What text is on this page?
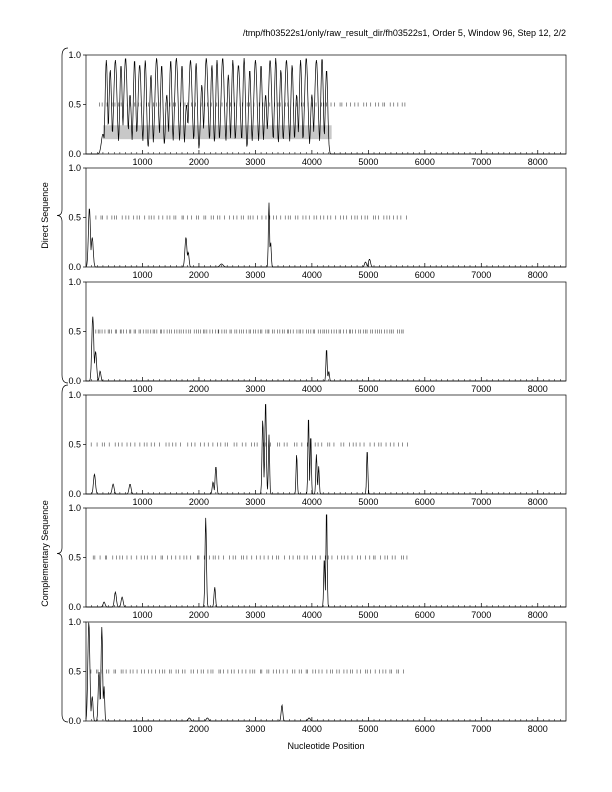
/tmp/fh03522s1/only/raw_result_dir/fh03522s1, Order 5, Window 96, Step 12, 2/2
0.0
0.5
1.0
1000	2000	3000	4000	5000	6000	7000	8000
0.0
0.5
1.0
1000	2000	3000	4000	5000	6000	7000	8000
0.0
0.5
1.0
1000	2000	3000	4000	5000	6000	7000	8000
0.0
0.5
1.0
1000	2000	3000	4000	5000	6000	7000	8000
0.0
0.5
1.0
1000	2000	3000	4000	5000	6000	7000	8000
0.0
0.5
1.0
1000	2000	3000	4000	5000	6000	7000	8000
Nucleotide Position
Direct Sequence
Complementary Sequence
